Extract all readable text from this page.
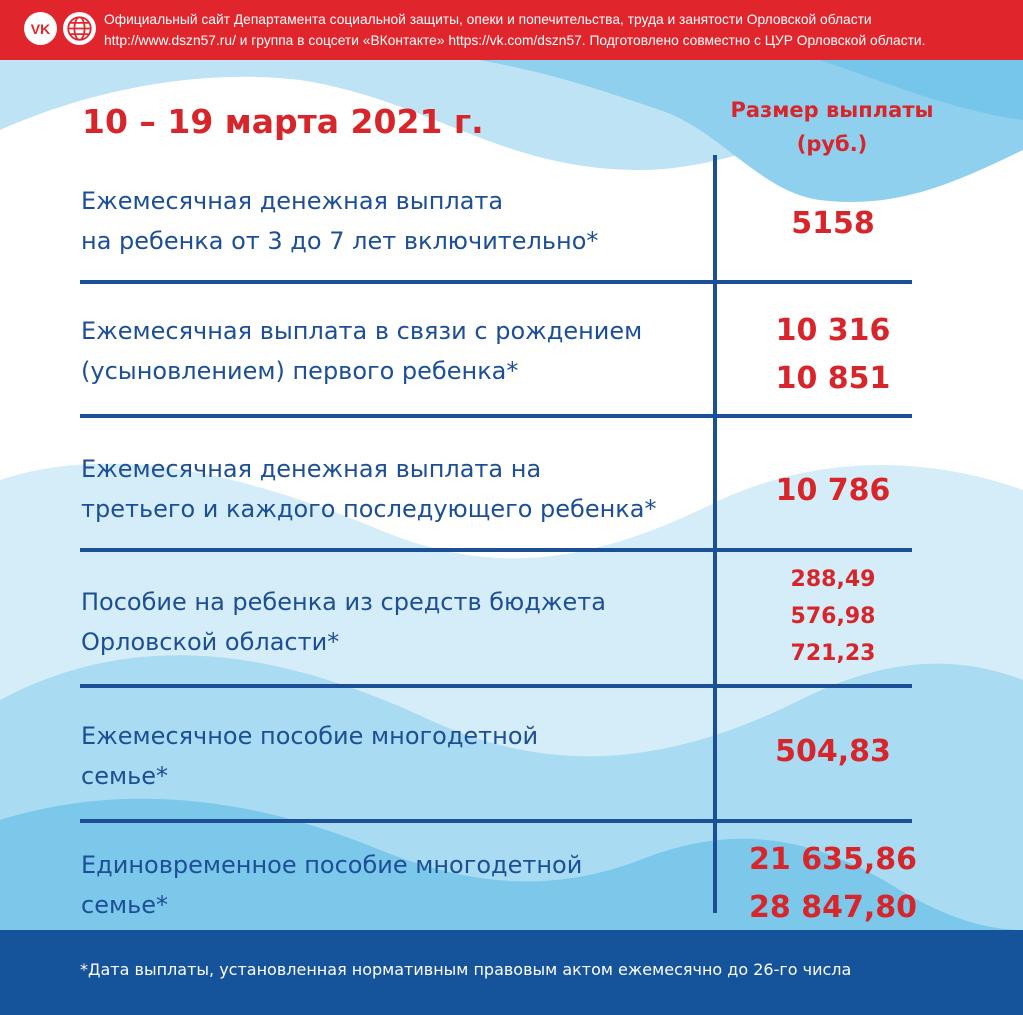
VK
Официальный сайт Департамента социальной защиты, опеки и попечительства, труда и занятости Орловской области
http://www.dszn57.ru/ и группа в соцсети «ВКонтакте» https://vk.com/dszn57. Подготовлено совместно с ЦУР Орловской области.
10 – 19 марта 2021 г.	Размер выплаты
(руб.)
Ежемесячная денежная выплата
на ребенка от 3 до 7 лет включительно*	5158
Ежемесячная выплата в связи с рождением
(усыновлением) первого ребенка*
10 316
10 851
Ежемесячная денежная выплата на
третьего и каждого последующего ребенка*
10 786
Пособие на ребенка из средств бюджета
Орловской области*
288,49
576,98
721,23
Ежемесячное пособие многодетной
семье*
504,83
Единовременное пособие многодетной
семье*
21 635,86
28 847,80
*Дата выплаты, установленная нормативным правовым актом ежемесячно до 26-го числа
